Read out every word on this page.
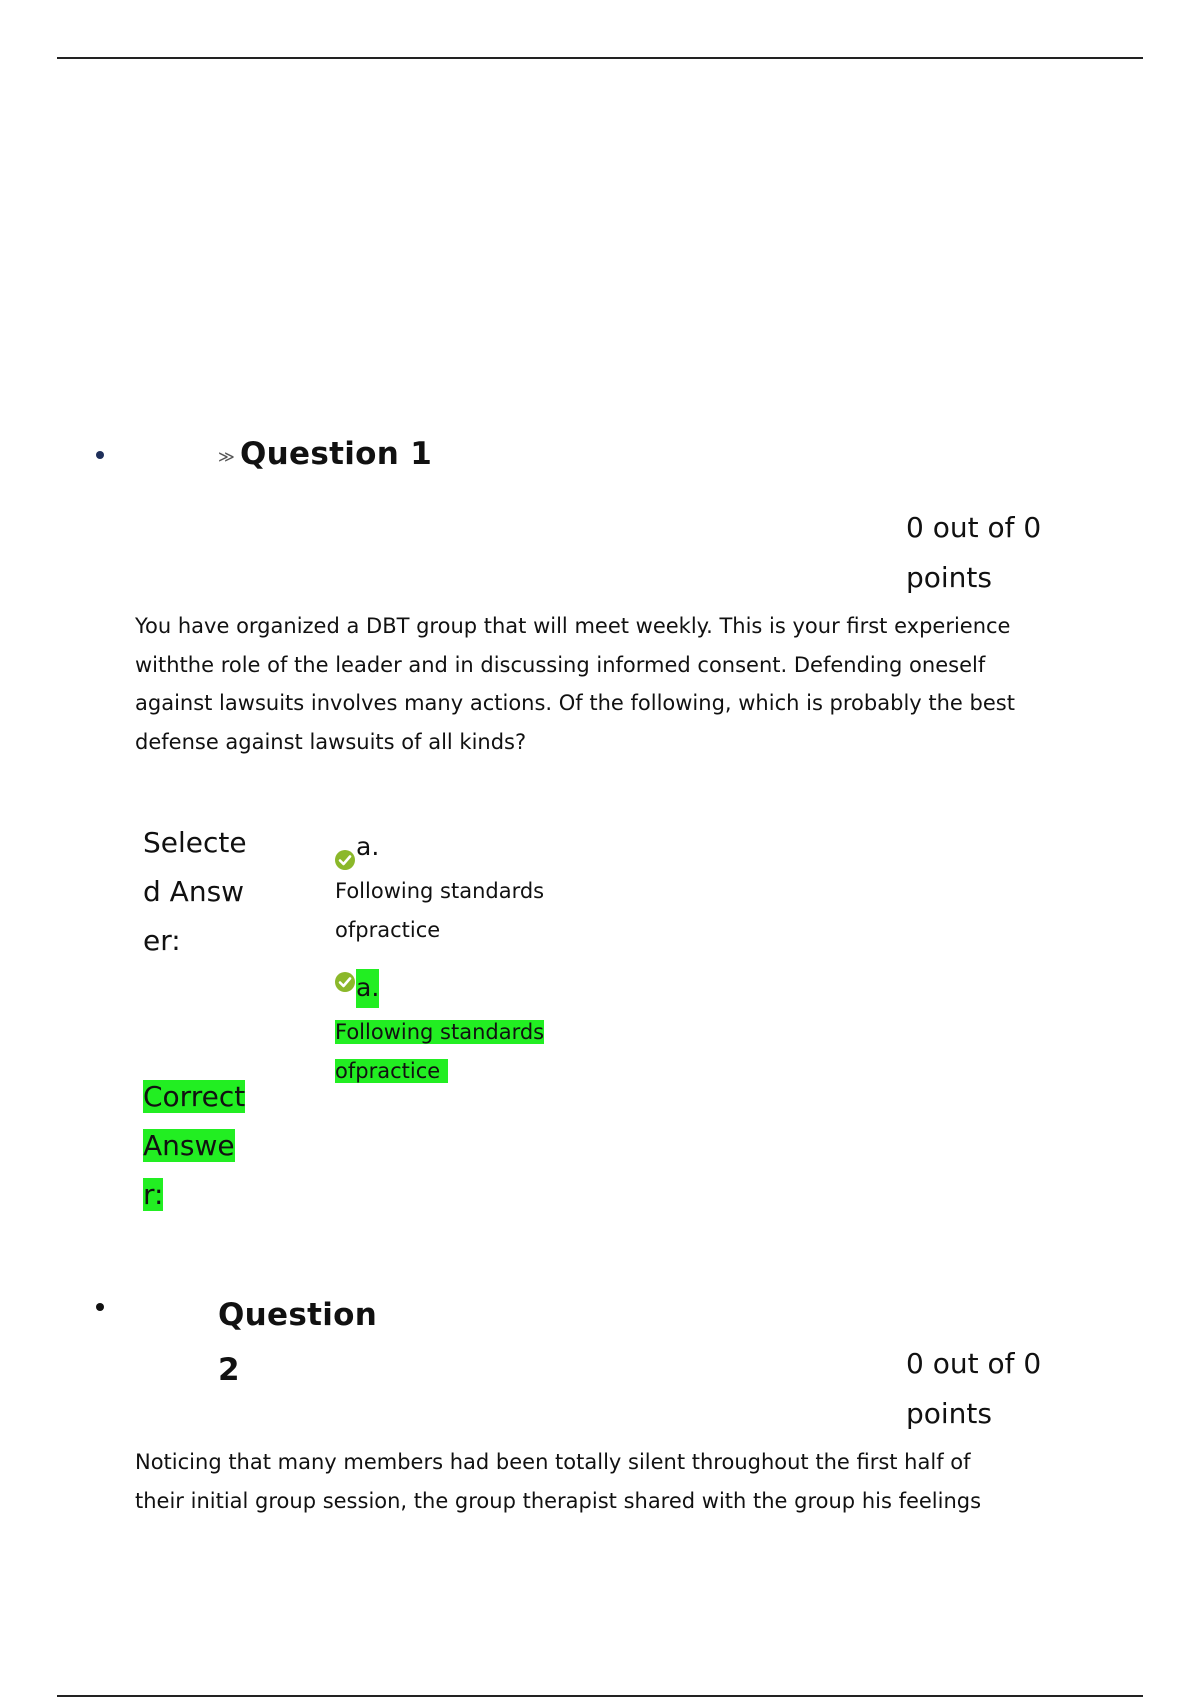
≫ Question 1
0 out of 0
points
You have organized a DBT group that will meet weekly. This is your first experience withthe role of the leader and in discussing informed consent. Defending oneself against lawsuits involves many actions. Of the following, which is probably the best defense against lawsuits of all kinds?
Selected Answer:
Correct Answer:
a.
Following standards ofpractice
a.
Following standards ofpractice
Question 2	0 out of 0
points
Noticing that many members had been totally silent throughout the first half of their initial group session, the group therapist shared with the group his feelings
